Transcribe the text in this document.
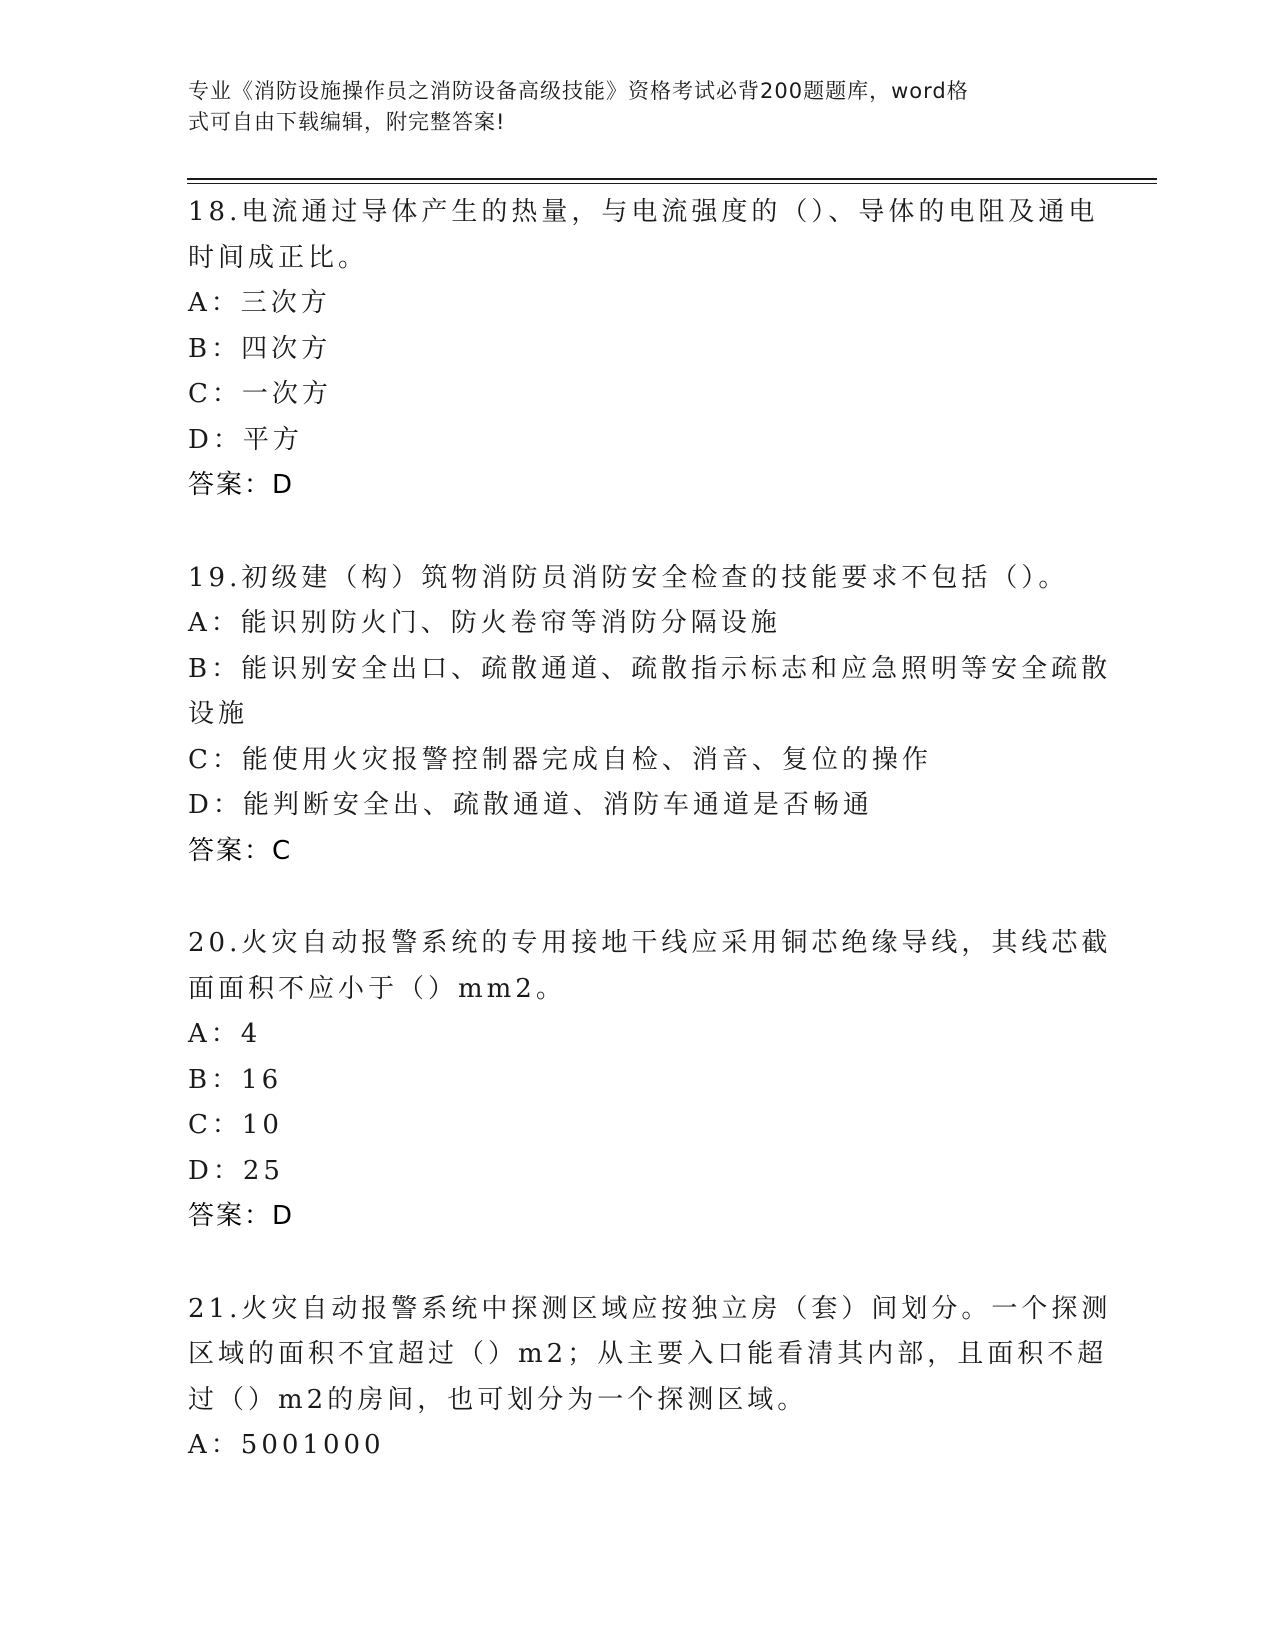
专业《消防设施操作员之消防设备高级技能》资格考试必背200题题库，word格
式可自由下载编辑，附完整答案!
18.电流通过导体产生的热量，与电流强度的（）、导体的电阻及通电
时间成正比。
A：三次方
B：四次方
C：一次方
D：平方
答案：D
19.初级建（构）筑物消防员消防安全检查的技能要求不包括（）。
A：能识别防火门、防火卷帘等消防分隔设施
B：能识别安全出口、疏散通道、疏散指示标志和应急照明等安全疏散
设施
C：能使用火灾报警控制器完成自检、消音、复位的操作
D：能判断安全出、疏散通道、消防车通道是否畅通
答案：C
20.火灾自动报警系统的专用接地干线应采用铜芯绝缘导线，其线芯截
面面积不应小于（）mm2。
A：4
B：16
C：10
D：25
答案：D
21.火灾自动报警系统中探测区域应按独立房（套）间划分。一个探测
区域的面积不宜超过（）m2；从主要入口能看清其内部，且面积不超
过（）m2的房间，也可划分为一个探测区域。
A：5001000
